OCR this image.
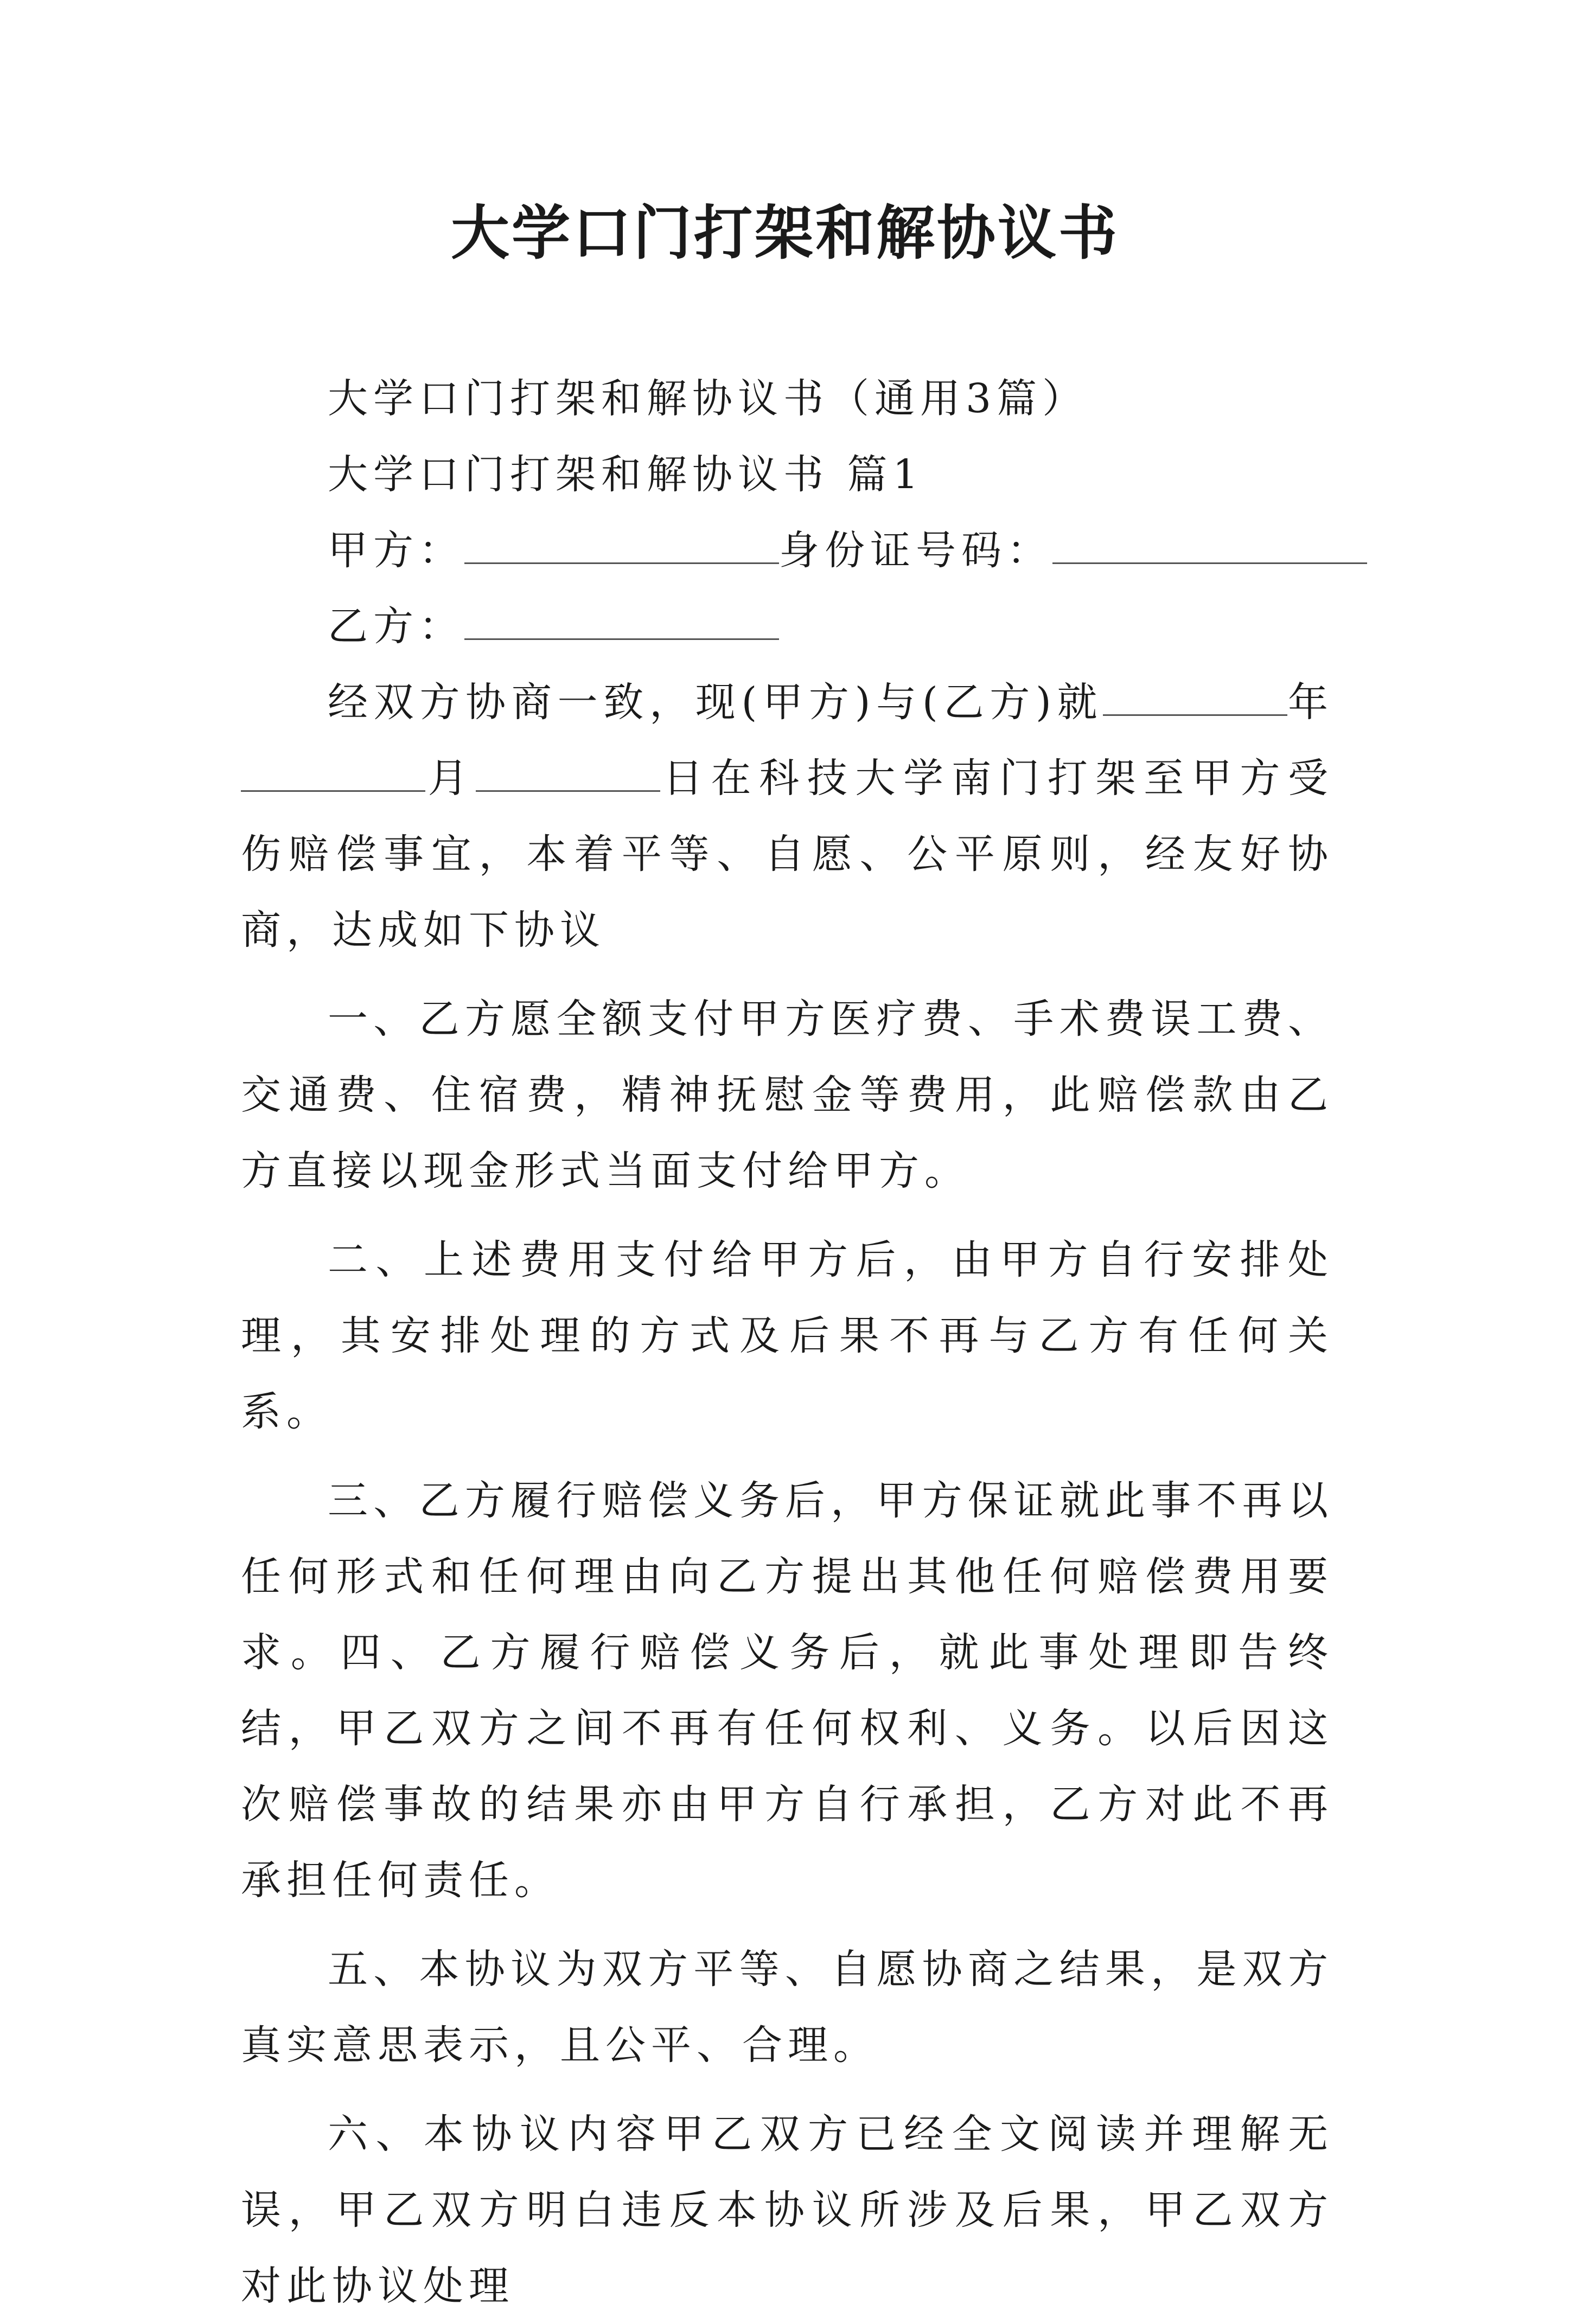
大学口门打架和解协议书
大学口门打架和解协议书（通用3篇）
大学口门打架和解协议书 篇1
甲方：	身份证号码：
乙方：

经双方协商一致，现(甲方)与(乙方)就	年月	日在科技大学南门打架至甲方受伤赔偿事宜，本着平等、自愿、公平原则，经友好协商，达成如下协议

一、乙方愿全额支付甲方医疗费、手术费误工费、交通费、住宿费，精神抚慰金等费用，此赔偿款由乙方直接以现金形式当面支付给甲方。

二、上述费用支付给甲方后，由甲方自行安排处理，其安排处理的方式及后果不再与乙方有任何关系。

三、乙方履行赔偿义务后，甲方保证就此事不再以任何形式和任何理由向乙方提出其他任何赔偿费用要求。四、乙方履行赔偿义务后，就此事处理即告终结，甲乙双方之间不再有任何权利、义务。以后因这次赔偿事故的结果亦由甲方自行承担，乙方对此不再承担任何责任。

五、本协议为双方平等、自愿协商之结果，是双方真实意思表示，且公平、合理。

六、本协议内容甲乙双方已经全文阅读并理解无误，甲乙双方明白违反本协议所涉及后果，甲乙双方对此协议处理
